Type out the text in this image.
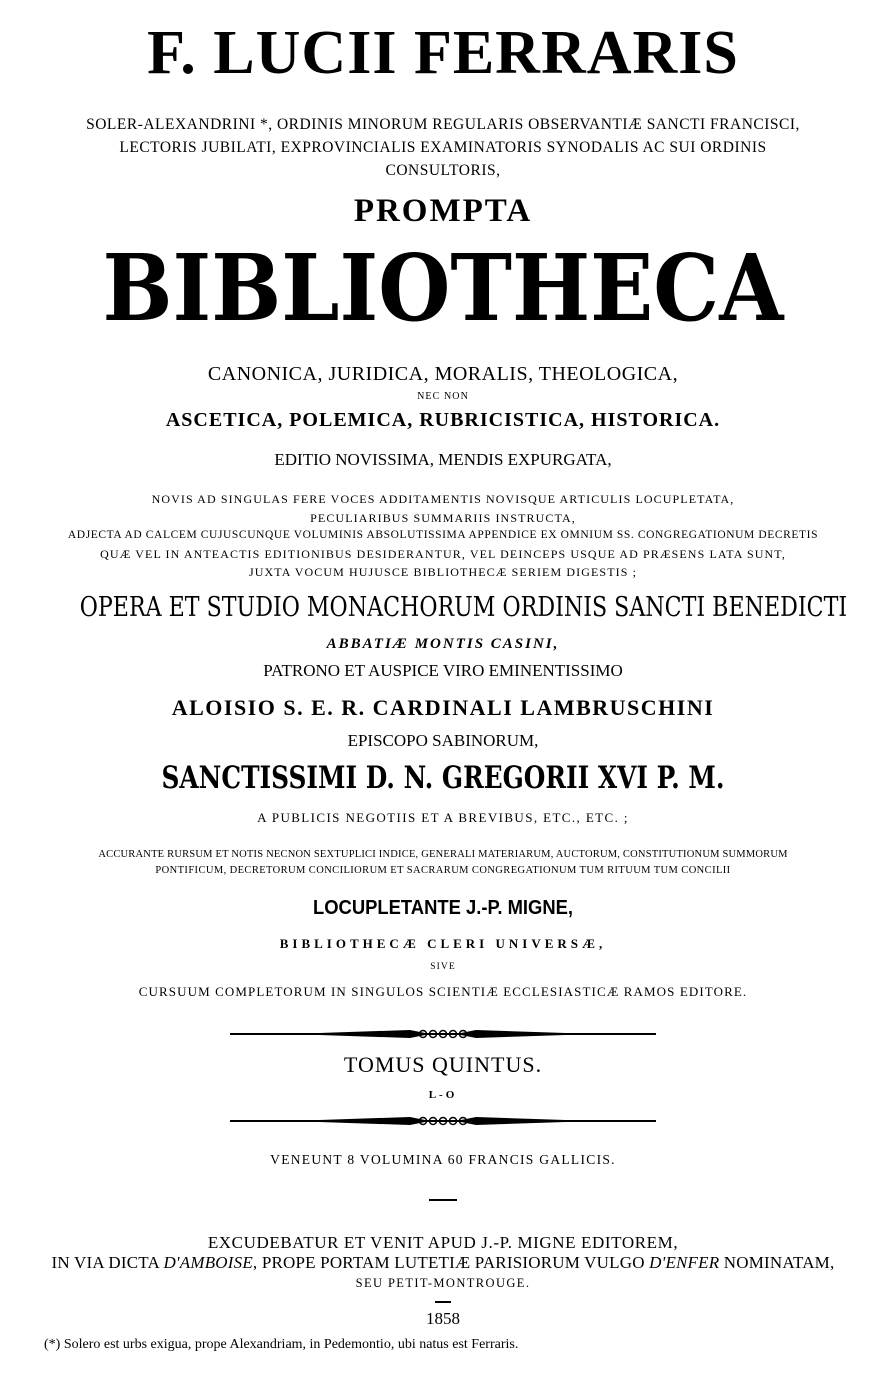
F. LUCII FERRARIS
SOLER-ALEXANDRINI *, ORDINIS MINORUM REGULARIS OBSERVANTIÆ SANCTI FRANCISCI,
LECTORIS JUBILATI, EXPROVINCIALIS EXAMINATORIS SYNODALIS AC SUI ORDINIS
CONSULTORIS,
PROMPTA
BIBLIOTHECA
CANONICA, JURIDICA, MORALIS, THEOLOGICA,
NEC NON
ASCETICA, POLEMICA, RUBRICISTICA, HISTORICA.
EDITIO NOVISSIMA, MENDIS EXPURGATA,
NOVIS AD SINGULAS FERE VOCES ADDITAMENTIS NOVISQUE ARTICULIS LOCUPLETATA,
PECULIARIBUS SUMMARIIS INSTRUCTA,
ADJECTA AD CALCEM CUJUSCUNQUE VOLUMINIS ABSOLUTISSIMA APPENDICE EX OMNIUM SS. CONGREGATIONUM DECRETIS
QUÆ VEL IN ANTEACTIS EDITIONIBUS DESIDERANTUR, VEL DEINCEPS USQUE AD PRÆSENS LATA SUNT,
JUXTA VOCUM HUJUSCE BIBLIOTHECÆ SERIEM DIGESTIS ;
OPERA ET STUDIO MONACHORUM ORDINIS SANCTI BENEDICTI
ABBATIÆ MONTIS CASINI,
PATRONO ET AUSPICE VIRO EMINENTISSIMO
ALOISIO S. E. R. CARDINALI LAMBRUSCHINI
EPISCOPO SABINORUM,
SANCTISSIMI D. N. GREGORII XVI P. M.
A PUBLICIS NEGOTIIS ET A BREVIBUS, ETC., ETC. ;
ACCURANTE RURSUM ET NOTIS NECNON SEXTUPLICI INDICE, GENERALI MATERIARUM, AUCTORUM, CONSTITUTIONUM SUMMORUM
PONTIFICUM, DECRETORUM CONCILIORUM ET SACRARUM CONGREGATIONUM TUM RITUUM TUM CONCILII
LOCUPLETANTE J.-P. MIGNE,
BIBLIOTHECÆ CLERI UNIVERSÆ,
SIVE
CURSUUM COMPLETORUM IN SINGULOS SCIENTIÆ ECCLESIASTICÆ RAMOS EDITORE.
TOMUS QUINTUS.
L-O
VENEUNT 8 VOLUMINA 60 FRANCIS GALLICIS.
EXCUDEBATUR ET VENIT APUD J.-P. MIGNE EDITOREM,
IN VIA DICTA D'AMBOISE, PROPE PORTAM LUTETIÆ PARISIORUM VULGO D'ENFER NOMINATAM,
SEU PETIT-MONTROUGE.
1858
(*) Solero est urbs exigua, prope Alexandriam, in Pedemontio, ubi natus est Ferraris.
